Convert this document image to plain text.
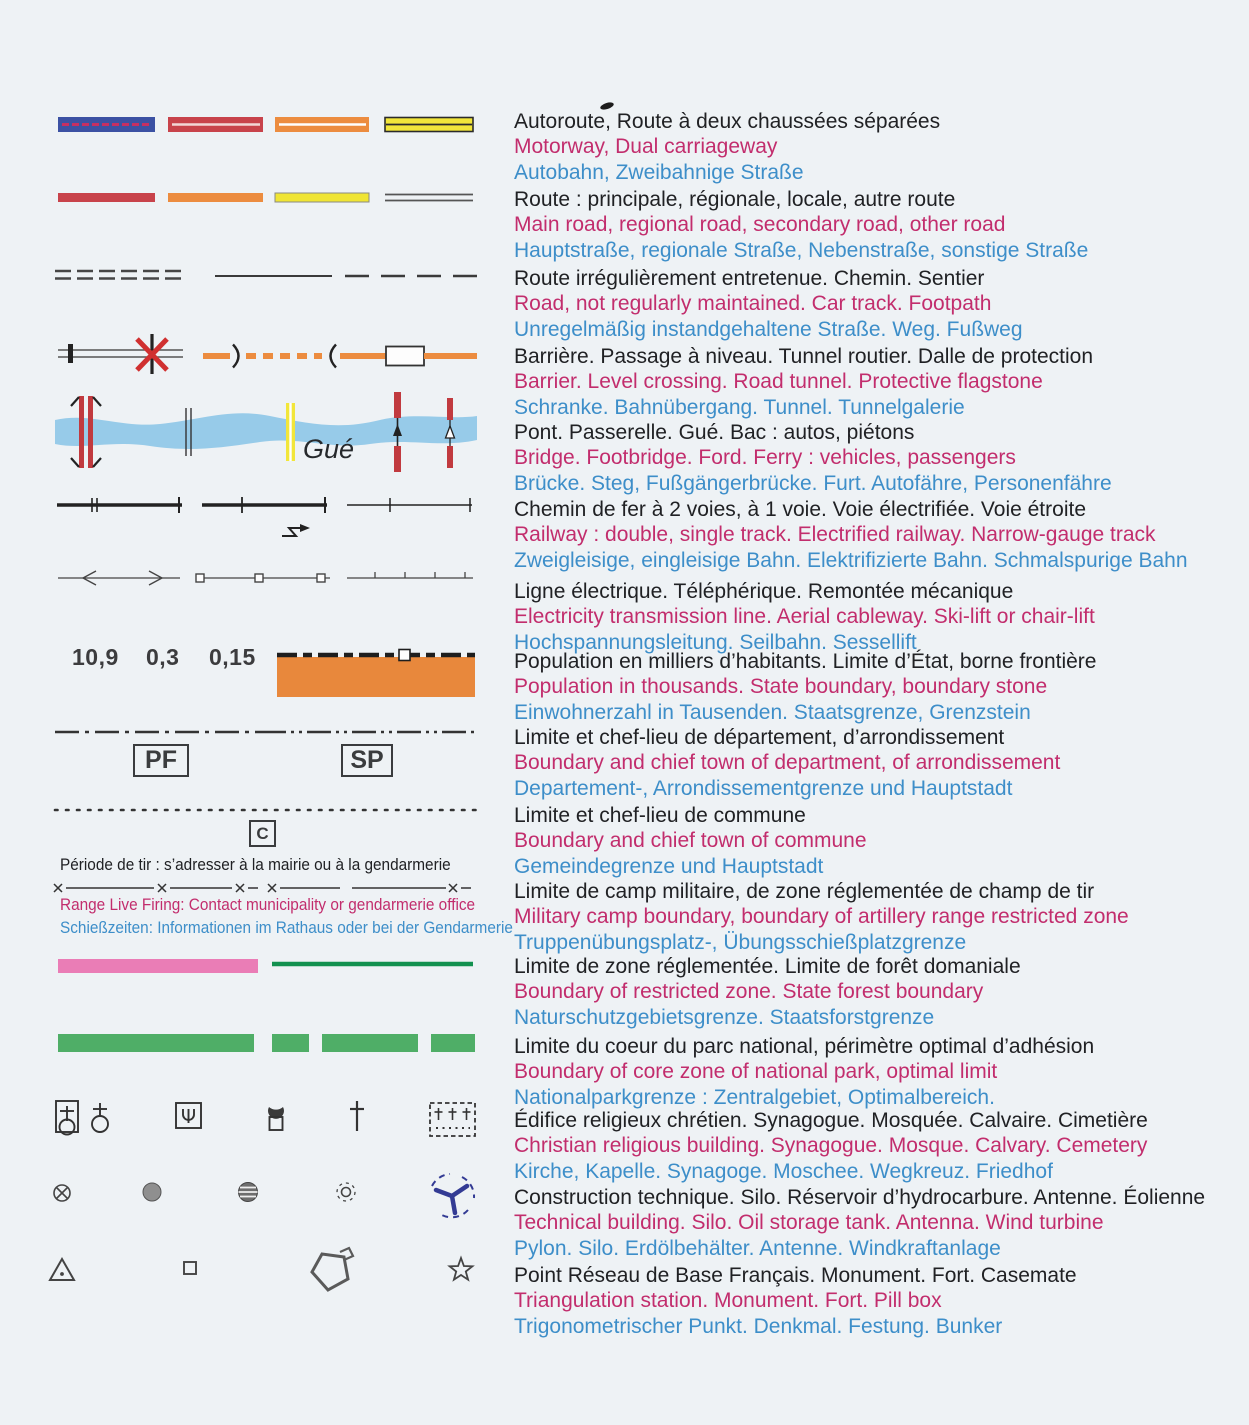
10,9 0,3 0,15
Gué
PF	SP
C
Période de tir : s’adresser à la mairie ou à la gendarmerie
Range Live Firing: Contact municipality or gendarmerie office
Schießzeiten: Informationen im Rathaus oder bei der Gendarmerie
Autoroute, Route à deux chaussées séparées
Motorway, Dual carriageway
Autobahn, Zweibahnige Straße
Route : principale, régionale, locale, autre route
Main road, regional road, secondary road, other road
Hauptstraße, regionale Straße, Nebenstraße, sonstige Straße
Route irrégulièrement entretenue. Chemin. Sentier
Road, not regularly maintained. Car track. Footpath
Unregelmäßig instandgehaltene Straße. Weg. Fußweg
Barrière. Passage à niveau. Tunnel routier. Dalle de protection
Barrier. Level crossing. Road tunnel. Protective flagstone
Schranke. Bahnübergang. Tunnel. Tunnelgalerie
Pont. Passerelle. Gué. Bac : autos, piétons
Bridge. Footbridge. Ford. Ferry : vehicles, passengers
Brücke. Steg, Fußgängerbrücke. Furt. Autofähre, Personenfähre
Chemin de fer à 2 voies, à 1 voie. Voie électrifiée. Voie étroite
Railway : double, single track. Electrified railway. Narrow-gauge track
Zweigleisige, eingleisige Bahn. Elektrifizierte Bahn. Schmalspurige Bahn
Ligne électrique. Téléphérique. Remontée mécanique
Electricity transmission line. Aerial cableway. Ski-lift or chair-lift
Hochspannungsleitung. Seilbahn. Sessellift
Population en milliers d’habitants. Limite d’État, borne frontière
Population in thousands. State boundary, boundary stone
Einwohnerzahl in Tausenden. Staatsgrenze, Grenzstein
Limite et chef-lieu de département, d’arrondissement
Boundary and chief town of department, of arrondissement
Departement-, Arrondissementgrenze und Hauptstadt
Limite et chef-lieu de commune
Boundary and chief town of commune
Gemeindegrenze und Hauptstadt
Limite de camp militaire, de zone réglementée de champ de tir
Military camp boundary, boundary of artillery range restricted zone
Truppenübungsplatz-, Übungsschießplatzgrenze
Limite de zone réglementée. Limite de forêt domaniale
Boundary of restricted zone. State forest boundary
Naturschutzgebietsgrenze. Staatsforstgrenze
Limite du coeur du parc national, périmètre optimal d’adhésion
Boundary of core zone of national park, optimal limit
Nationalparkgrenze : Zentralgebiet, Optimalbereich.
Édifice religieux chrétien. Synagogue. Mosquée. Calvaire. Cimetière
Christian religious building. Synagogue. Mosque. Calvary. Cemetery
Kirche, Kapelle. Synagoge. Moschee. Wegkreuz. Friedhof
Construction technique. Silo. Réservoir d’hydrocarbure. Antenne. Éolienne
Technical building. Silo. Oil storage tank. Antenna. Wind turbine
Pylon. Silo. Erdölbehälter. Antenne. Windkraftanlage
Point Réseau de Base Français. Monument. Fort. Casemate
Triangulation station. Monument. Fort. Pill box
Trigonometrischer Punkt. Denkmal. Festung. Bunker
